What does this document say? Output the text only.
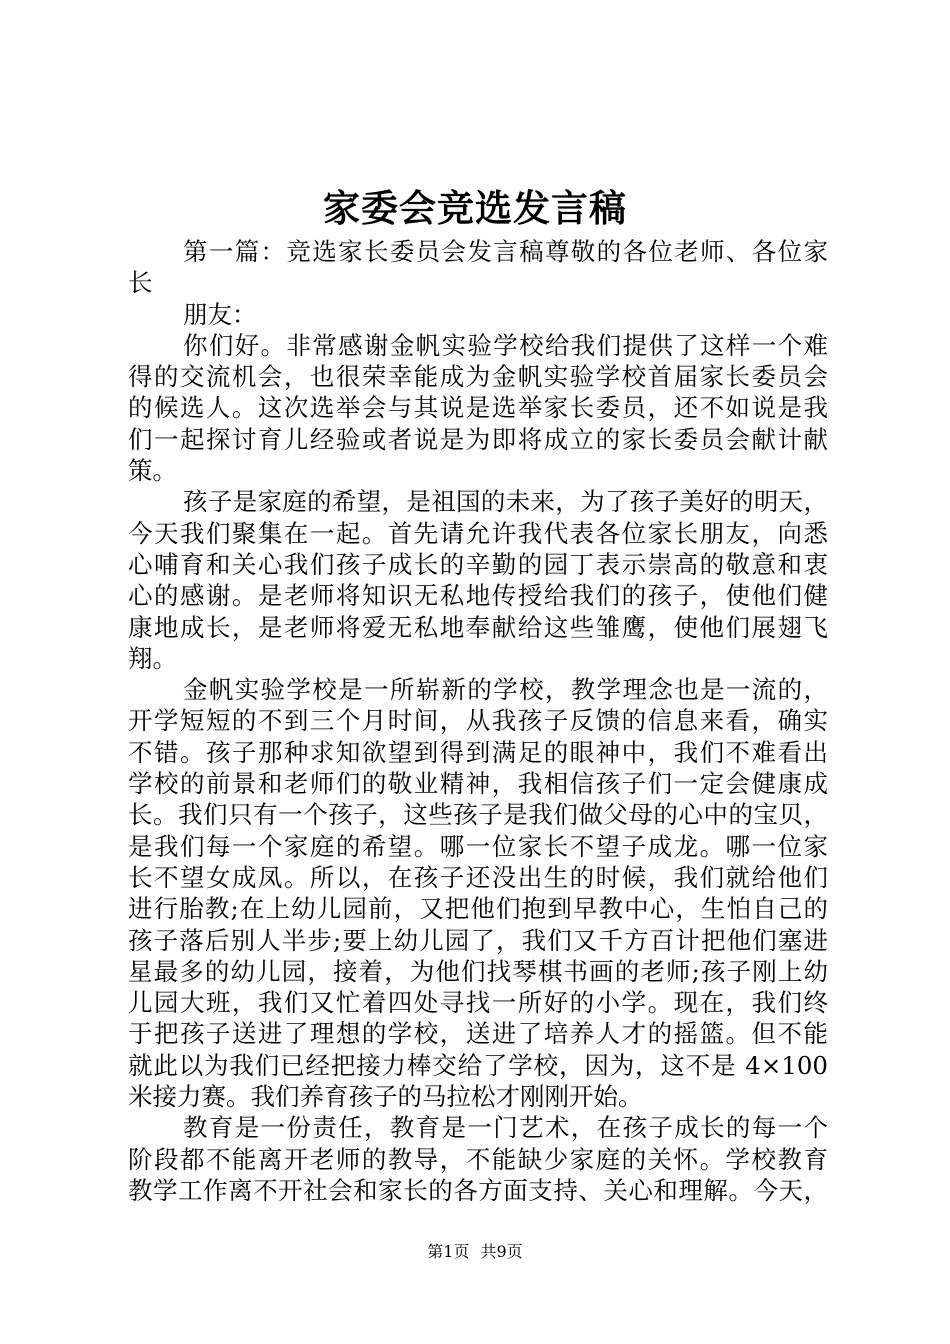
家委会竞选发言稿
第一篇：竞选家长委员会发言稿尊敬的各位老师、各位家
长
朋友：
你们好。非常感谢金帆实验学校给我们提供了这样一个难
得的交流机会，也很荣幸能成为金帆实验学校首届家长委员会
的候选人。这次选举会与其说是选举家长委员，还不如说是我
们一起探讨育儿经验或者说是为即将成立的家长委员会献计献
策。
孩子是家庭的希望，是祖国的未来，为了孩子美好的明天，
今天我们聚集在一起。首先请允许我代表各位家长朋友，向悉
心哺育和关心我们孩子成长的辛勤的园丁表示崇高的敬意和衷
心的感谢。是老师将知识无私地传授给我们的孩子，使他们健
康地成长，是老师将爱无私地奉献给这些雏鹰，使他们展翅飞
翔。
金帆实验学校是一所崭新的学校，教学理念也是一流的，
开学短短的不到三个月时间，从我孩子反馈的信息来看，确实
不错。孩子那种求知欲望到得到满足的眼神中，我们不难看出
学校的前景和老师们的敬业精神，我相信孩子们一定会健康成
长。我们只有一个孩子，这些孩子是我们做父母的心中的宝贝，
是我们每一个家庭的希望。哪一位家长不望子成龙。哪一位家
长不望女成凤。所以，在孩子还没出生的时候，我们就给他们
进行胎教;在上幼儿园前，又把他们抱到早教中心，生怕自己的
孩子落后别人半步;要上幼儿园了，我们又千方百计把他们塞进
星最多的幼儿园，接着，为他们找琴棋书画的老师;孩子刚上幼
儿园大班，我们又忙着四处寻找一所好的小学。现在，我们终
于把孩子送进了理想的学校，送进了培养人才的摇篮。但不能
就此以为我们已经把接力棒交给了学校，因为，这不是 4×100
米接力赛。我们养育孩子的马拉松才刚刚开始。
教育是一份责任，教育是一门艺术，在孩子成长的每一个
阶段都不能离开老师的教导，不能缺少家庭的关怀。学校教育
教学工作离不开社会和家长的各方面支持、关心和理解。今天，
第1页 共9页
